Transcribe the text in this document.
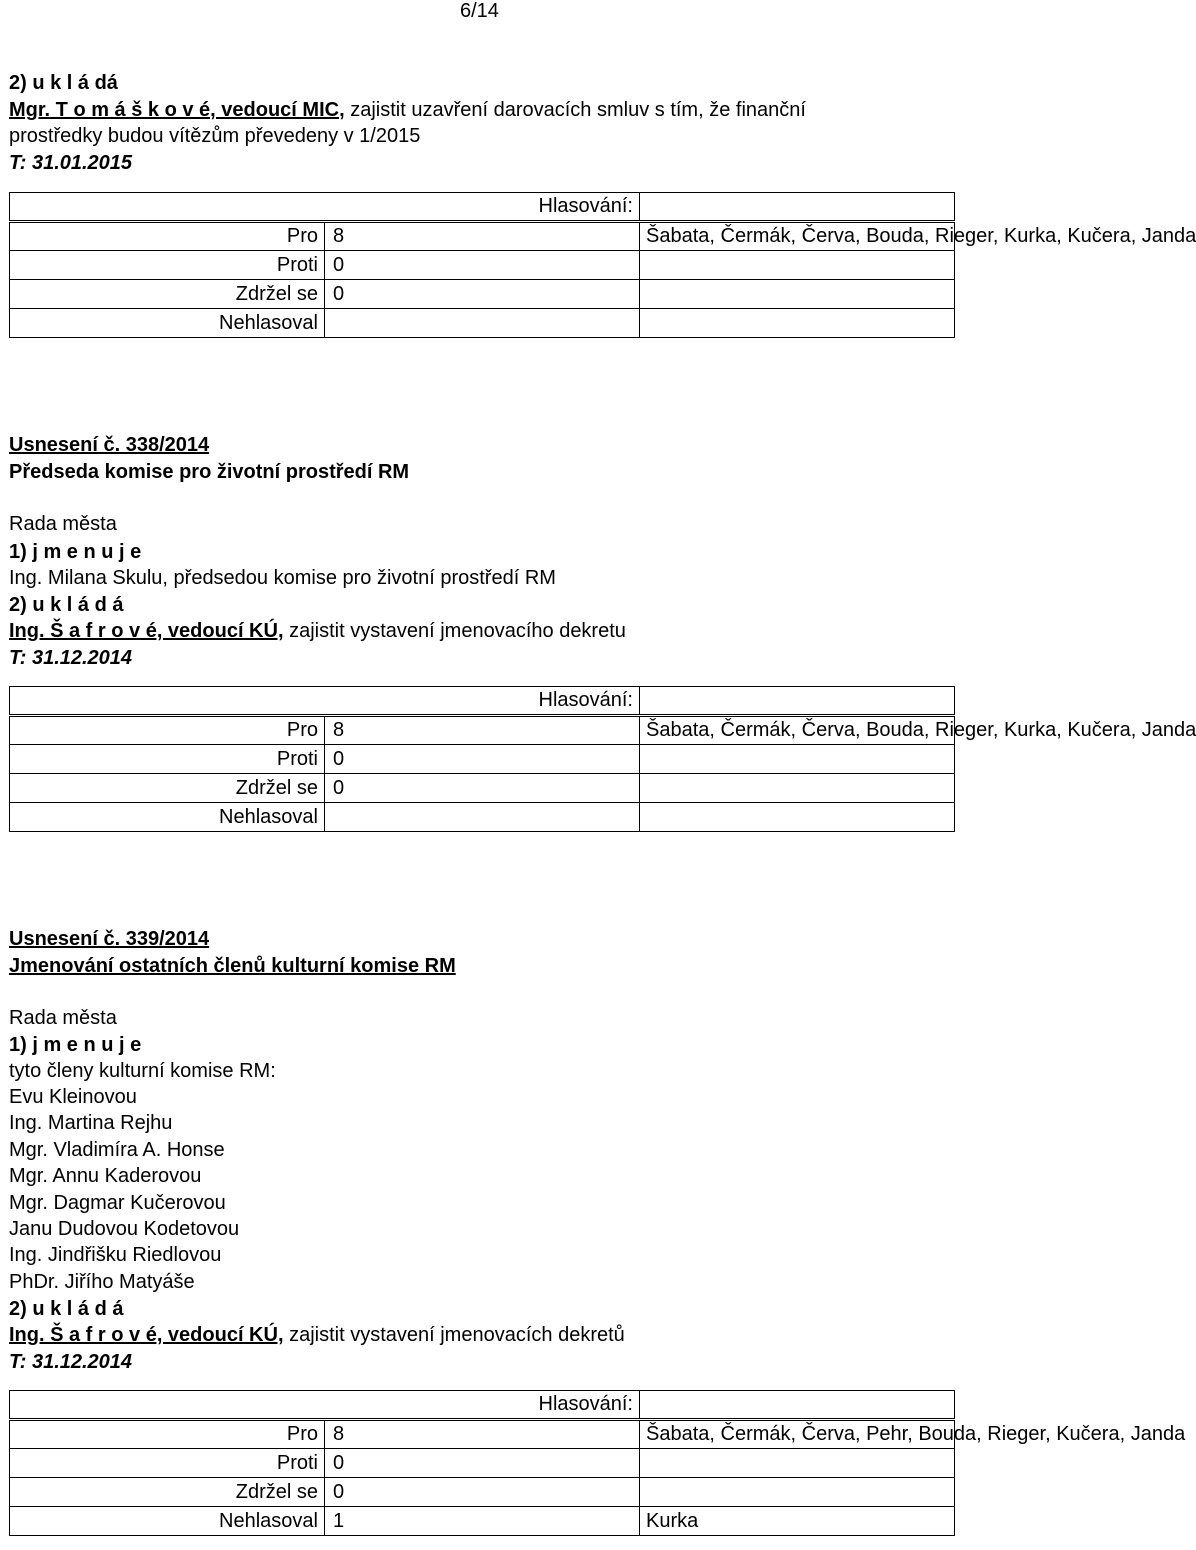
6/14
2) u k l á dá
Mgr. T o m á š k o v é, vedoucí MIC, zajistit uzavření darovacích smluv s tím, že finanční
prostředky budou vítězům převedeny v 1/2015
T: 31.01.2015
Hlasování:		
Pro	8	Šabata, Čermák, Červa, Bouda, Rieger, Kurka, Kučera, Janda
Proti	0	
Zdržel se	0	
Nehlasoval		
Usnesení č. 338/2014
Předseda komise pro životní prostředí RM
Rada města
1) j m e n u j e
Ing. Milana Skulu, předsedou komise pro životní prostředí RM
2) u k l á d á
Ing. Š a f r o v é, vedoucí KÚ, zajistit vystavení jmenovacího dekretu
T: 31.12.2014
Hlasování:		
Pro	8	Šabata, Čermák, Červa, Bouda, Rieger, Kurka, Kučera, Janda
Proti	0	
Zdržel se	0	
Nehlasoval		
Usnesení č. 339/2014
Jmenování ostatních členů kulturní komise RM
Rada města
1) j m e n u j e
tyto členy kulturní komise RM:
Evu Kleinovou
Ing. Martina Rejhu
Mgr. Vladimíra A. Honse
Mgr. Annu Kaderovou
Mgr. Dagmar Kučerovou
Janu Dudovou Kodetovou
Ing. Jindřišku Riedlovou
PhDr. Jiřího Matyáše
2) u k l á d á
Ing. Š a f r o v é, vedoucí KÚ, zajistit vystavení jmenovacích dekretů
T: 31.12.2014
Hlasování:		
Pro	8	Šabata, Čermák, Červa, Pehr, Bouda, Rieger, Kučera, Janda
Proti	0	
Zdržel se	0	
Nehlasoval	1	Kurka
